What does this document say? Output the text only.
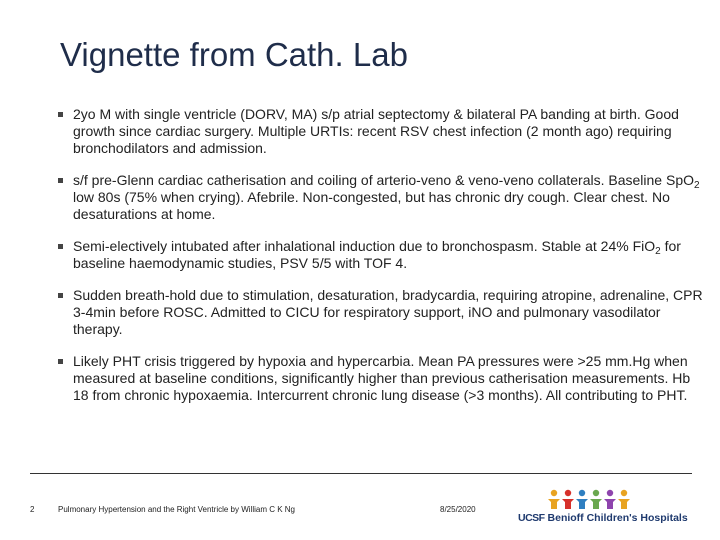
Vignette from Cath. Lab
2yo M with single ventricle (DORV, MA) s/p atrial septectomy & bilateral PA banding at birth. Good growth since cardiac surgery. Multiple URTIs: recent RSV chest infection (2 month ago) requiring bronchodilators and admission.
s/f pre-Glenn cardiac catherisation and coiling of arterio-veno & veno-veno collaterals. Baseline SpO$_2$ low 80s (75% when crying). Afebrile. Non-congested, but has chronic dry cough. Clear chest. No desaturations at home.
Semi-electively intubated after inhalational induction due to bronchospasm. Stable at 24% FiO$_2$ for baseline haemodynamic studies, PSV 5/5 with TOF 4.
Sudden breath-hold due to stimulation, desaturation, bradycardia, requiring atropine, adrenaline, CPR 3-4min before ROSC. Admitted to CICU for respiratory support, iNO and pulmonary vasodilator therapy.
Likely PHT crisis triggered by hypoxia and hypercarbia. Mean PA pressures were >25 mm.Hg when measured at baseline conditions, significantly higher than previous catherisation measurements. Hb 18 from chronic hypoxaemia. Intercurrent chronic lung disease (>3 months). All contributing to PHT.
2	Pulmonary Hypertension and the Right Ventricle by William C K Ng	8/25/2020
UCSF Benioff Children's Hospitals
